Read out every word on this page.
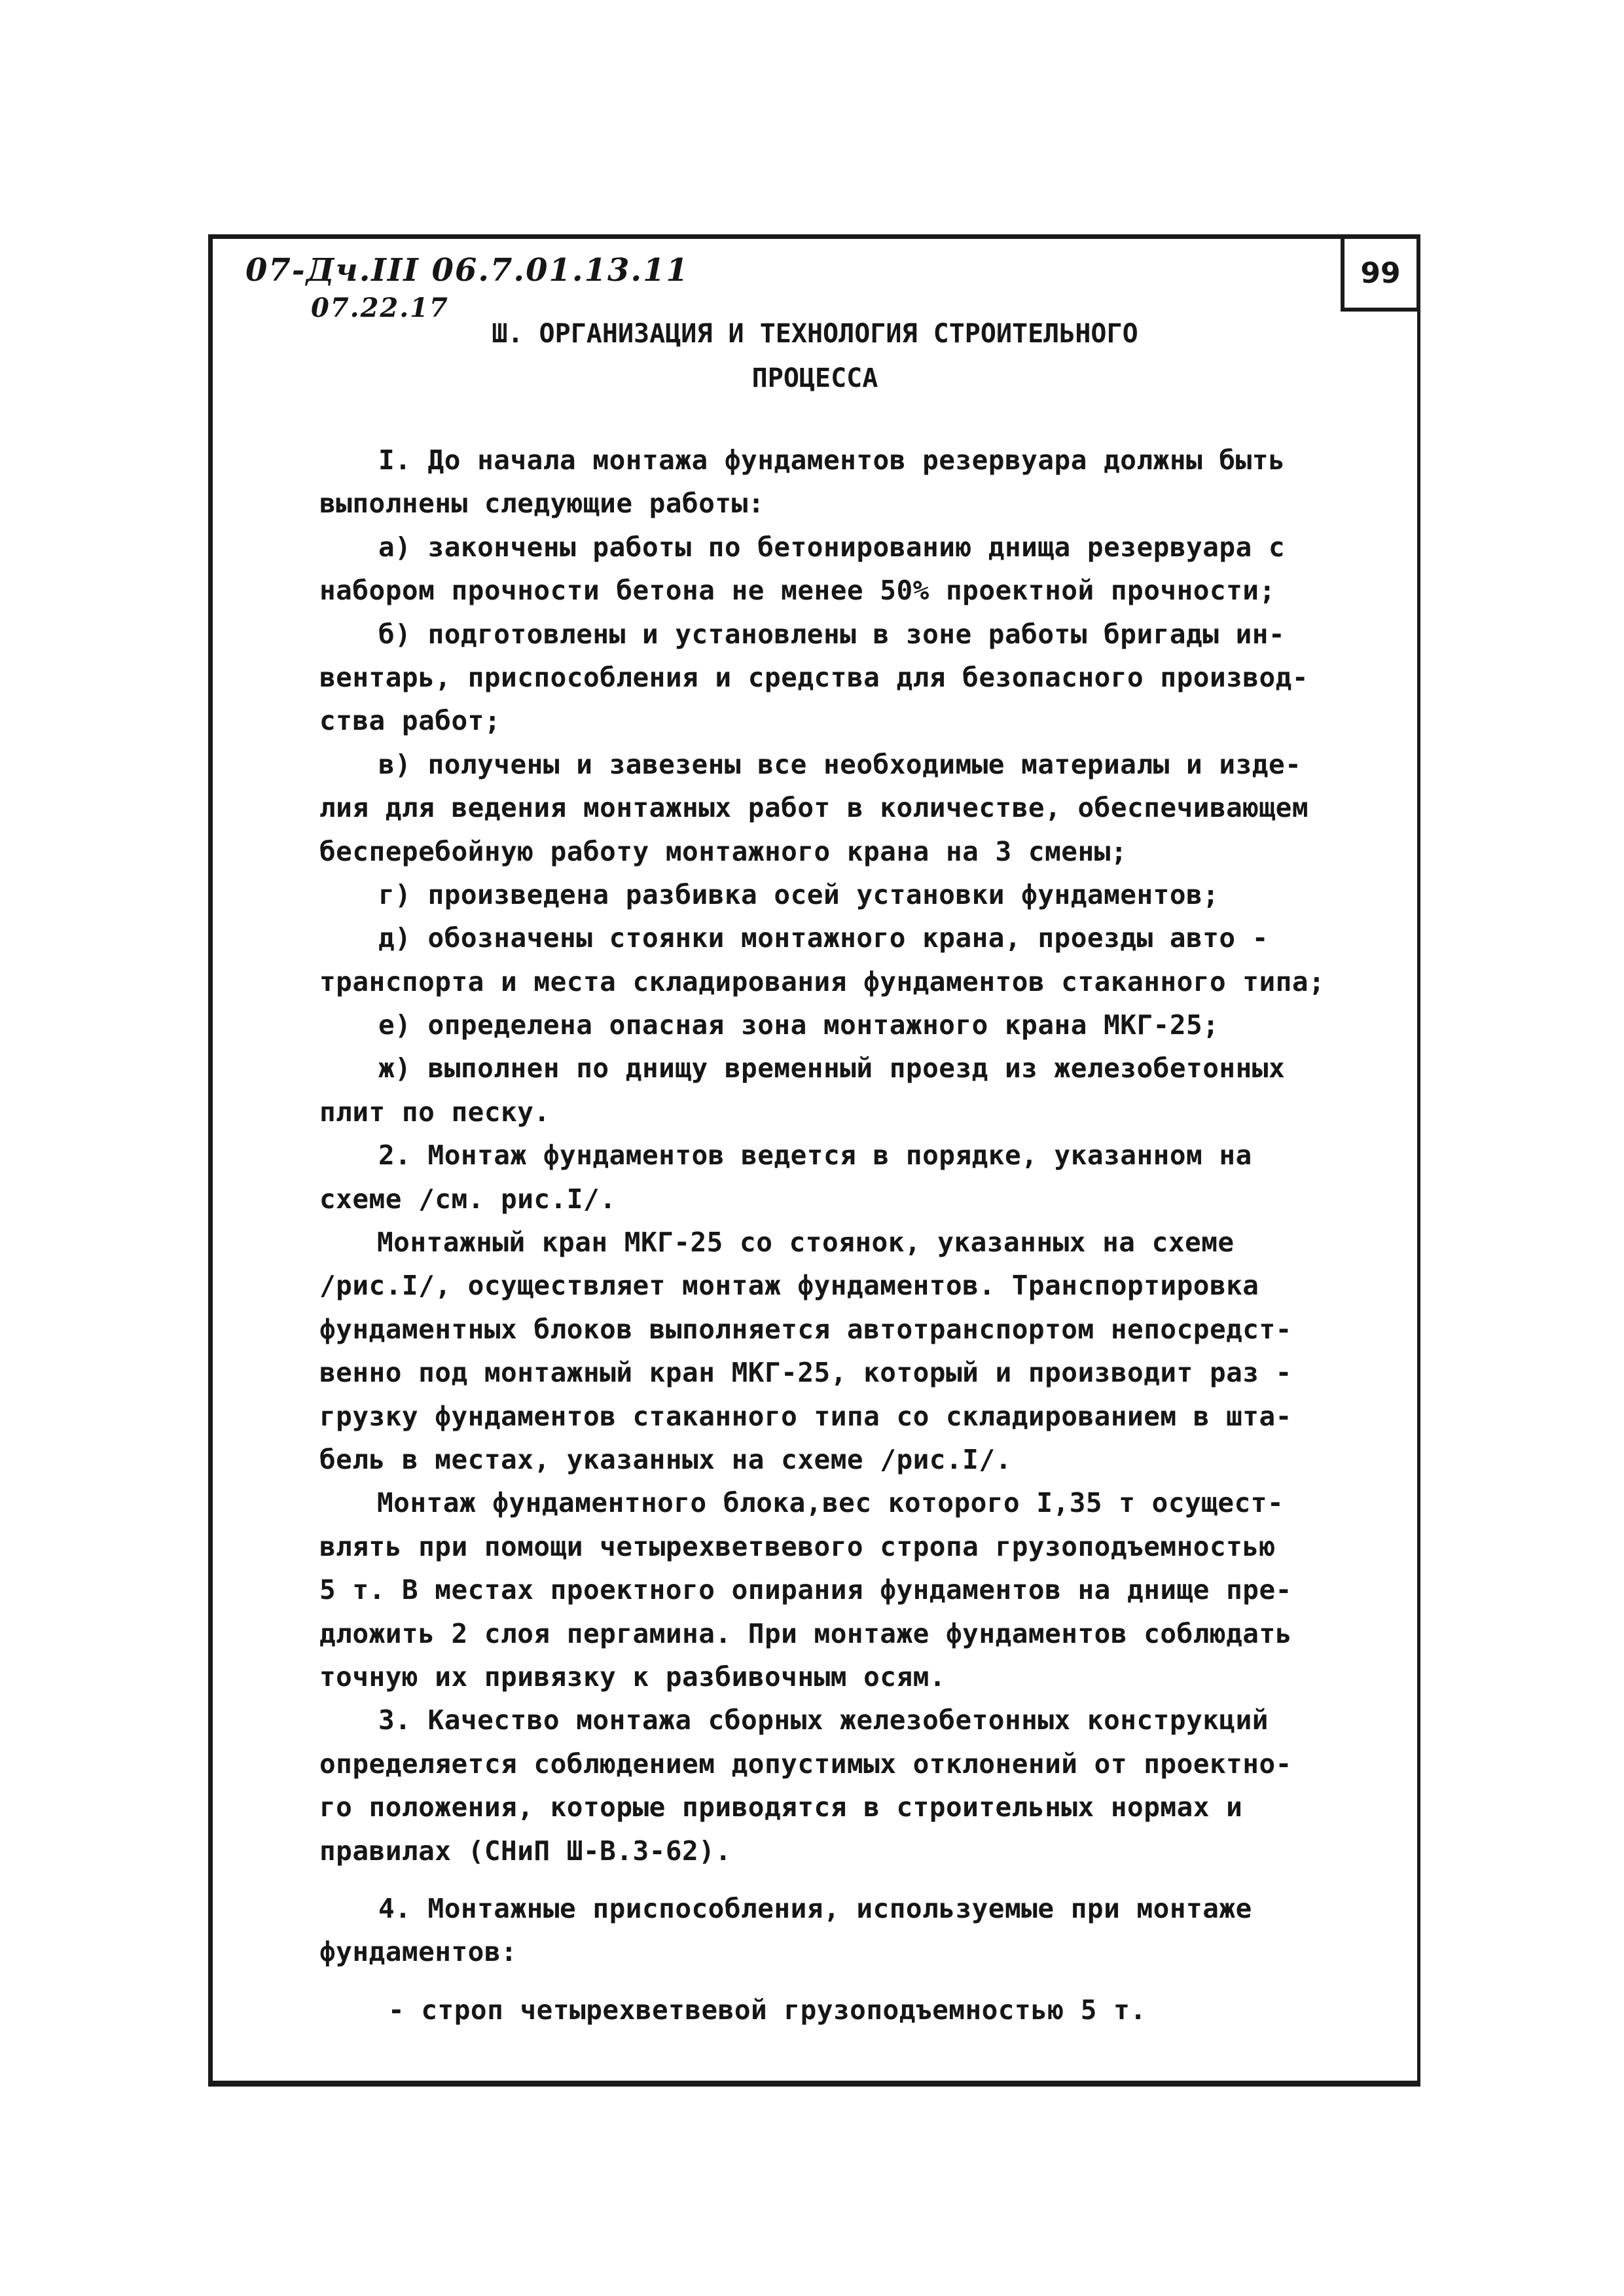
99
07-Дч.III 06.7.01.13.11
07.22.17
Ш. ОРГАНИЗАЦИЯ И ТЕХНОЛОГИЯ СТРОИТЕЛЬНОГО
ПРОЦЕССА
I. До начала монтажа фундаментов резервуара должны быть
выполнены следующие работы:
а) закончены работы по бетонированию днища резервуара с
набором прочности бетона не менее 50% проектной прочности;
б) подготовлены и установлены в зоне работы бригады ин-
вентарь, приспособления и средства для безопасного производ-
ства работ;
в) получены и завезены все необходимые материалы и изде-
лия для ведения монтажных работ в количестве, обеспечивающем
бесперебойную работу монтажного крана на 3 смены;
г) произведена разбивка осей установки фундаментов;
д) обозначены стоянки монтажного крана, проезды авто -
транспорта и места складирования фундаментов стаканного типа;
е) определена опасная зона монтажного крана МКГ-25;
ж) выполнен по днищу временный проезд из железобетонных
плит по песку.
2. Монтаж фундаментов ведется в порядке, указанном на
схеме /см. рис.I/.
Монтажный кран МКГ-25 со стоянок, указанных на схеме
/рис.I/, осуществляет монтаж фундаментов. Транспортировка
фундаментных блоков выполняется автотранспортом непосредст-
венно под монтажный кран МКГ-25, который и производит раз -
грузку фундаментов стаканного типа со складированием в шта-
бель в местах, указанных на схеме /рис.I/.
Монтаж фундаментного блока,вес которого I,35 т осущест-
влять при помощи четырехветвевого стропа грузоподъемностью
5 т. В местах проектного опирания фундаментов на днище пре-
дложить 2 слоя пергамина. При монтаже фундаментов соблюдать
точную их привязку к разбивочным осям.
3. Качество монтажа сборных железобетонных конструкций
определяется соблюдением допустимых отклонений от проектно-
го положения, которые приводятся в строительных нормах и
правилах (СНиП Ш-В.3-62).
4. Монтажные приспособления, используемые при монтаже
фундаментов:
- строп четырехветвевой грузоподъемностью 5 т.
